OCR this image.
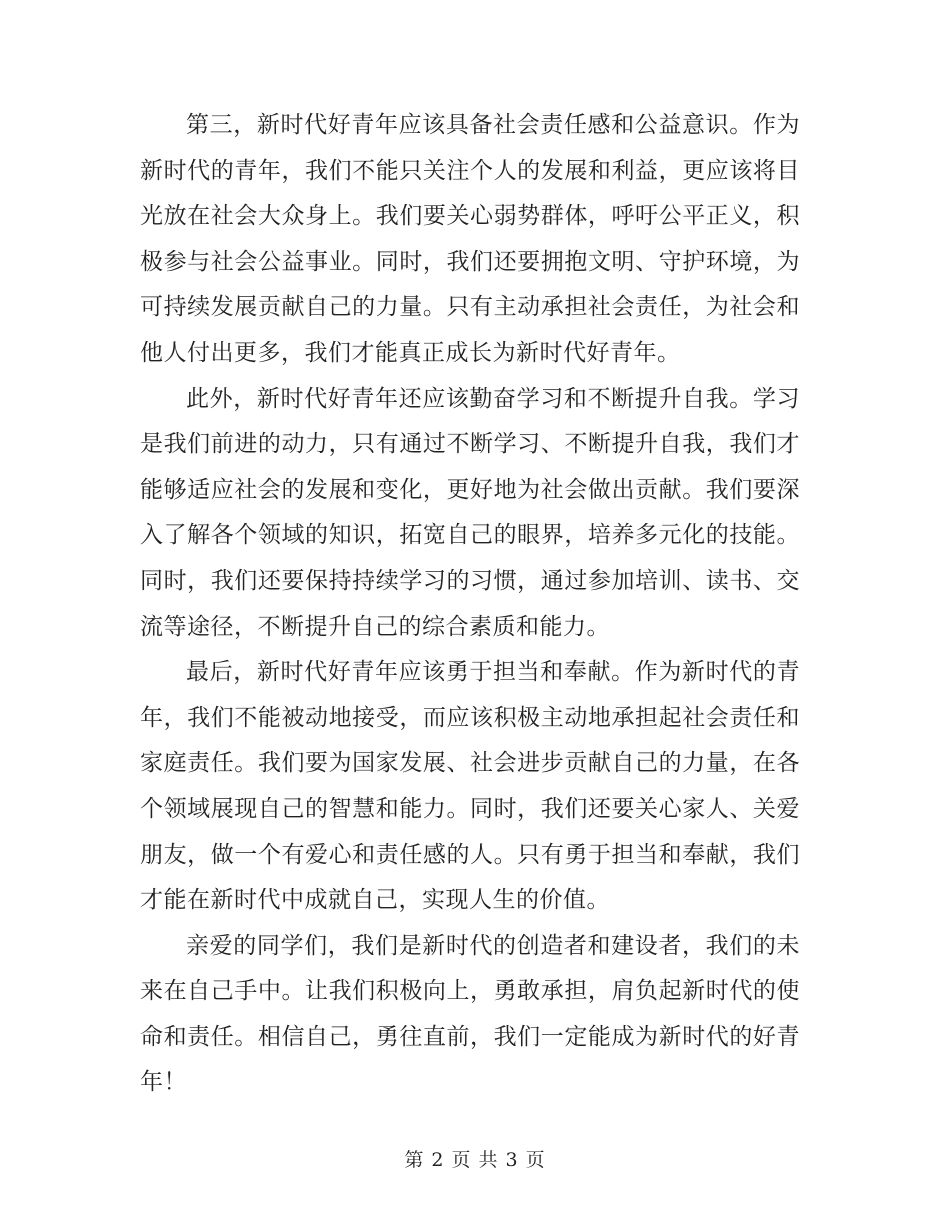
第三，新时代好青年应该具备社会责任感和公益意识。作为新时代的青年，我们不能只关注个人的发展和利益，更应该将目光放在社会大众身上。我们要关心弱势群体，呼吁公平正义，积极参与社会公益事业。同时，我们还要拥抱文明、守护环境，为可持续发展贡献自己的力量。只有主动承担社会责任，为社会和他人付出更多，我们才能真正成长为新时代好青年。

此外，新时代好青年还应该勤奋学习和不断提升自我。学习是我们前进的动力，只有通过不断学习、不断提升自我，我们才能够适应社会的发展和变化，更好地为社会做出贡献。我们要深入了解各个领域的知识，拓宽自己的眼界，培养多元化的技能。同时，我们还要保持持续学习的习惯，通过参加培训、读书、交流等途径，不断提升自己的综合素质和能力。

最后，新时代好青年应该勇于担当和奉献。作为新时代的青年，我们不能被动地接受，而应该积极主动地承担起社会责任和家庭责任。我们要为国家发展、社会进步贡献自己的力量，在各个领域展现自己的智慧和能力。同时，我们还要关心家人、关爱朋友，做一个有爱心和责任感的人。只有勇于担当和奉献，我们才能在新时代中成就自己，实现人生的价值。

亲爱的同学们，我们是新时代的创造者和建设者，我们的未来在自己手中。让我们积极向上，勇敢承担，肩负起新时代的使命和责任。相信自己，勇往直前，我们一定能成为新时代的好青年！

第 2 页 共 3 页
